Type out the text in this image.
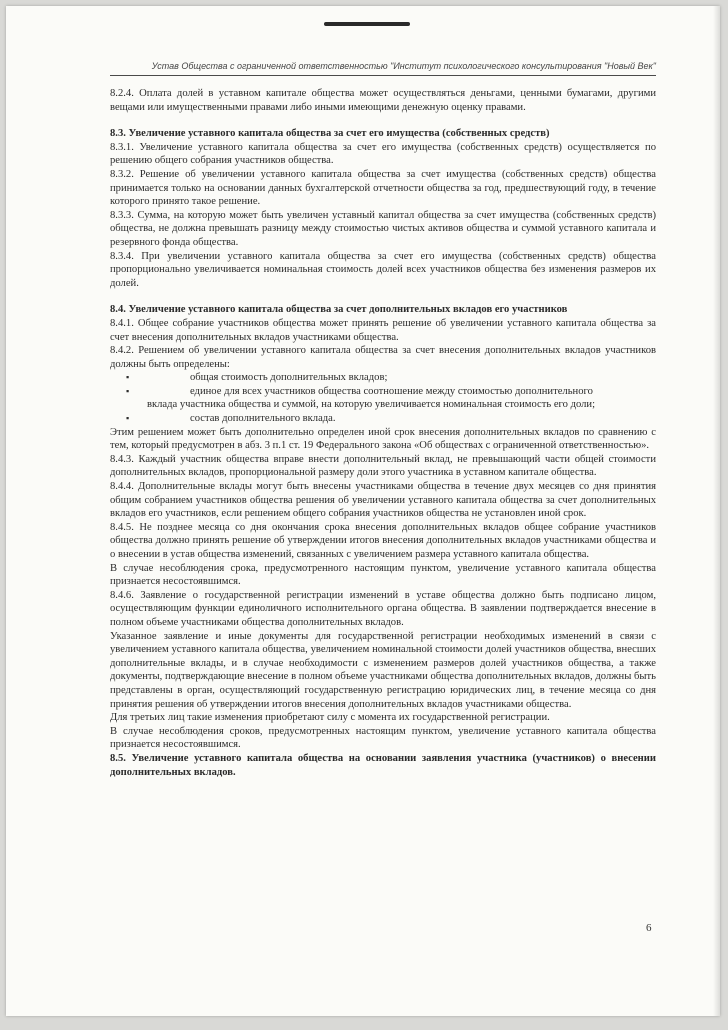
Устав Общества с ограниченной ответственностью "Институт психологического консультирования "Новый Век"

8.2.4. Оплата долей в уставном капитале общества может осуществляться деньгами, ценными бумагами, другими вещами или имущественными правами либо иными имеющими денежную оценку правами.

8.3. Увеличение уставного капитала общества за счет его имущества (собственных средств)

8.3.1. Увеличение уставного капитала общества за счет его имущества (собственных средств) осуществляется по решению общего собрания участников общества.

8.3.2. Решение об увеличении уставного капитала общества за счет имущества (собственных средств) общества принимается только на основании данных бухгалтерской отчетности общества за год, предшествующий году, в течение которого принято такое решение.

8.3.3. Сумма, на которую может быть увеличен уставный капитал общества за счет имущества (собственных средств) общества, не должна превышать разницу между стоимостью чистых активов общества и суммой уставного капитала и резервного фонда общества.

8.3.4. При увеличении уставного капитала общества за счет его имущества (собственных средств) общества пропорционально увеличивается номинальная стоимость долей всех участников общества без изменения размеров их долей.

8.4. Увеличение уставного капитала общества за счет дополнительных вкладов его участников

8.4.1. Общее собрание участников общества может принять решение об увеличении уставного капитала общества за счет внесения дополнительных вкладов участниками общества.

8.4.2. Решением об увеличении уставного капитала общества за счет внесения дополнительных вкладов участников должны быть определены:

▪	общая стоимость дополнительных вкладов;
▪	единое для всех участников общества соотношение между стоимостью дополнительного
вклада участника общества и суммой, на которую увеличивается номинальная стоимость его доли;
▪	состав дополнительного вклада.

Этим решением может быть дополнительно определен иной срок внесения дополнительных вкладов по сравнению с тем, который предусмотрен в абз. 3 п.1 ст. 19 Федерального закона «Об обществах с ограниченной ответственностью».

8.4.3. Каждый участник общества вправе внести дополнительный вклад, не превышающий части общей стоимости дополнительных вкладов, пропорциональной размеру доли этого участника в уставном капитале общества.

8.4.4. Дополнительные вклады могут быть внесены участниками общества в течение двух месяцев со дня принятия общим собранием участников общества решения об увеличении уставного капитала общества за счет дополнительных вкладов его участников, если решением общего собрания участников общества не установлен иной срок.

8.4.5. Не позднее месяца со дня окончания срока внесения дополнительных вкладов общее собрание участников общества должно принять решение об утверждении итогов внесения дополнительных вкладов участниками общества и о внесении в устав общества изменений, связанных с увеличением размера уставного капитала общества.

В случае несоблюдения срока, предусмотренного настоящим пунктом, увеличение уставного капитала общества признается несостоявшимся.

8.4.6. Заявление о государственной регистрации изменений в уставе общества должно быть подписано лицом, осуществляющим функции единоличного исполнительного органа общества. В заявлении подтверждается внесение в полном объеме участниками общества дополнительных вкладов.

Указанное заявление и иные документы для государственной регистрации необходимых изменений в связи с увеличением уставного капитала общества, увеличением номинальной стоимости долей участников общества, внесших дополнительные вклады, и в случае необходимости с изменением размеров долей участников общества, а также документы, подтверждающие внесение в полном объеме участниками общества дополнительных вкладов, должны быть представлены в орган, осуществляющий государственную регистрацию юридических лиц, в течение месяца со дня принятия решения об утверждении итогов внесения дополнительных вкладов участниками общества.

Для третьих лиц такие изменения приобретают силу с момента их государственной регистрации.

В случае несоблюдения сроков, предусмотренных настоящим пунктом, увеличение уставного капитала общества признается несостоявшимся.

8.5. Увеличение уставного капитала общества на основании заявления участника (участников) о внесении дополнительных вкладов.

6
